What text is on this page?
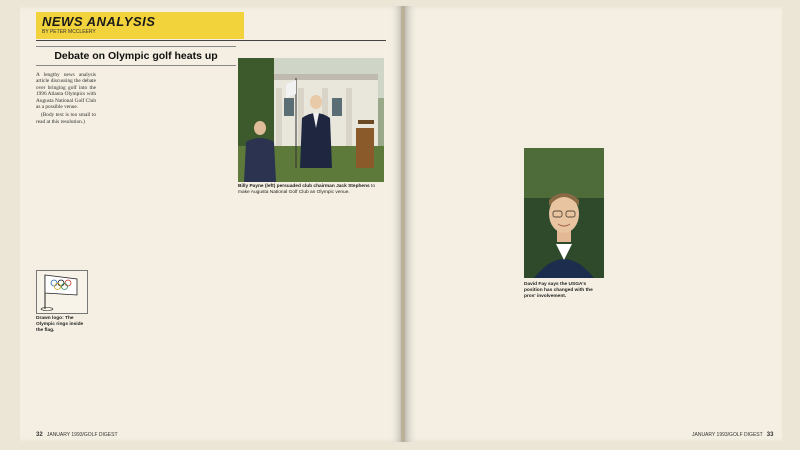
NEWS ANALYSIS
BY PETER MCCLEERY
Debate on Olympic golf heats up

A lengthy news analysis article discussing the debate over bringing golf into the 1996 Atlanta Olympics with Augusta National Golf Club as a possible venue.

(Body text is too small to read at this resolution.)

Drawn logo: The Olympic rings inside the flag.
Billy Payne (left) persuaded club chairman Jack Stephens to make Augusta National Golf Club an Olympic venue.
David Fay says the USGA's position has changed with the pros' involvement.
32 JANUARY 1993/GOLF DIGEST	JANUARY 1993/GOLF DIGEST 33
